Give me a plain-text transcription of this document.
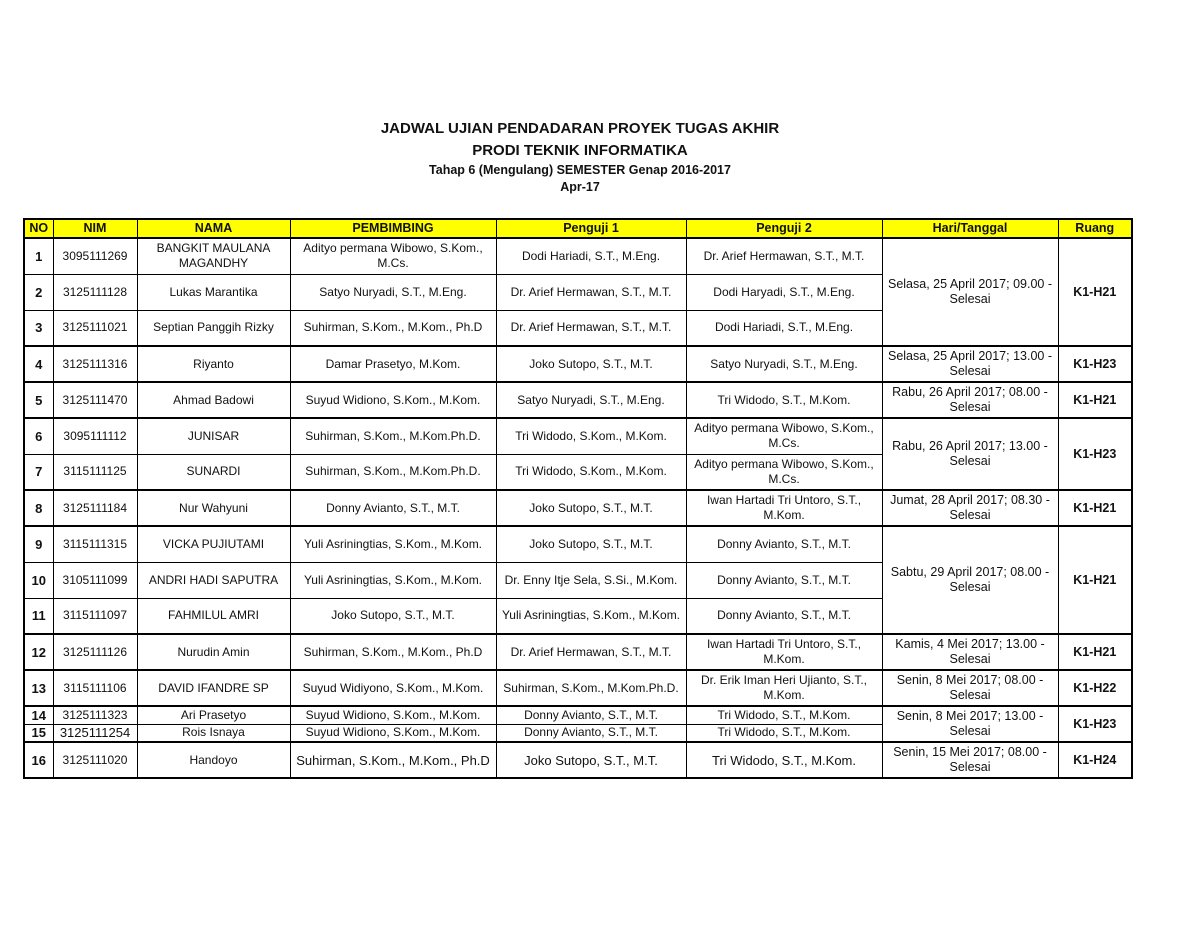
JADWAL UJIAN PENDADARAN PROYEK TUGAS AKHIR
PRODI TEKNIK INFORMATIKA
Tahap 6 (Mengulang) SEMESTER Genap 2016-2017
Apr-17
NO	NIM	NAMA	PEMBIMBING	Penguji 1	Penguji 2	Hari/Tanggal	Ruang
1	3095111269	BANGKIT MAULANA MAGANDHY	Adityo permana Wibowo, S.Kom., M.Cs.	Dodi Hariadi, S.T., M.Eng.	Dr. Arief Hermawan, S.T., M.T.	Selasa, 25 April 2017; 09.00 - Selesai	K1-H21
2	3125111128	Lukas Marantika	Satyo Nuryadi, S.T., M.Eng.	Dr. Arief Hermawan, S.T., M.T.	Dodi Haryadi, S.T., M.Eng.		
3	3125111021	Septian Panggih Rizky	Suhirman, S.Kom., M.Kom., Ph.D	Dr. Arief Hermawan, S.T., M.T.	Dodi Hariadi, S.T., M.Eng.		
4	3125111316	Riyanto	Damar Prasetyo, M.Kom.	Joko Sutopo, S.T., M.T.	Satyo Nuryadi, S.T., M.Eng.	Selasa, 25 April 2017; 13.00 - Selesai	K1-H23
5	3125111470	Ahmad Badowi	Suyud Widiono, S.Kom., M.Kom.	Satyo Nuryadi, S.T., M.Eng.	Tri Widodo, S.T., M.Kom.	Rabu, 26 April 2017; 08.00 - Selesai	K1-H21
6	3095111112	JUNISAR	Suhirman, S.Kom., M.Kom.Ph.D.	Tri Widodo, S.Kom., M.Kom.	Adityo permana Wibowo, S.Kom., M.Cs.	Rabu, 26 April 2017; 13.00 - Selesai	K1-H23
7	3115111125	SUNARDI	Suhirman, S.Kom., M.Kom.Ph.D.	Tri Widodo, S.Kom., M.Kom.	Adityo permana Wibowo, S.Kom., M.Cs.		
8	3125111184	Nur Wahyuni	Donny Avianto, S.T., M.T.	Joko Sutopo, S.T., M.T.	Iwan Hartadi Tri Untoro, S.T., M.Kom.	Jumat, 28 April 2017; 08.30 - Selesai	K1-H21
9	3115111315	VICKA PUJIUTAMI	Yuli Asriningtias, S.Kom., M.Kom.	Joko Sutopo, S.T., M.T.	Donny Avianto, S.T., M.T.	Sabtu, 29 April 2017; 08.00 - Selesai	K1-H21
10	3105111099	ANDRI HADI SAPUTRA	Yuli Asriningtias, S.Kom., M.Kom.	Dr. Enny Itje Sela, S.Si., M.Kom.	Donny Avianto, S.T., M.T.		
11	3115111097	FAHMILUL AMRI	Joko Sutopo, S.T., M.T.	Yuli Asriningtias, S.Kom., M.Kom.	Donny Avianto, S.T., M.T.		
12	3125111126	Nurudin Amin	Suhirman, S.Kom., M.Kom., Ph.D	Dr. Arief Hermawan, S.T., M.T.	Iwan Hartadi Tri Untoro, S.T., M.Kom.	Kamis, 4 Mei 2017; 13.00 - Selesai	K1-H21
13	3115111106	DAVID IFANDRE SP	Suyud Widiyono, S.Kom., M.Kom.	Suhirman, S.Kom., M.Kom.Ph.D.	Dr. Erik Iman Heri Ujianto, S.T., M.Kom.	Senin, 8 Mei 2017; 08.00 - Selesai	K1-H22
14	3125111323	Ari Prasetyo	Suyud Widiono, S.Kom., M.Kom.	Donny Avianto, S.T., M.T.	Tri Widodo, S.T., M.Kom.	Senin, 8 Mei 2017; 13.00 - Selesai	K1-H23
15	3125111254	Rois Isnaya	Suyud Widiono, S.Kom., M.Kom.	Donny Avianto, S.T., M.T.	Tri Widodo, S.T., M.Kom.		
16	3125111020	Handoyo	Suhirman, S.Kom., M.Kom., Ph.D	Joko Sutopo, S.T., M.T.	Tri Widodo, S.T., M.Kom.	Senin, 15 Mei 2017; 08.00 - Selesai	K1-H24
